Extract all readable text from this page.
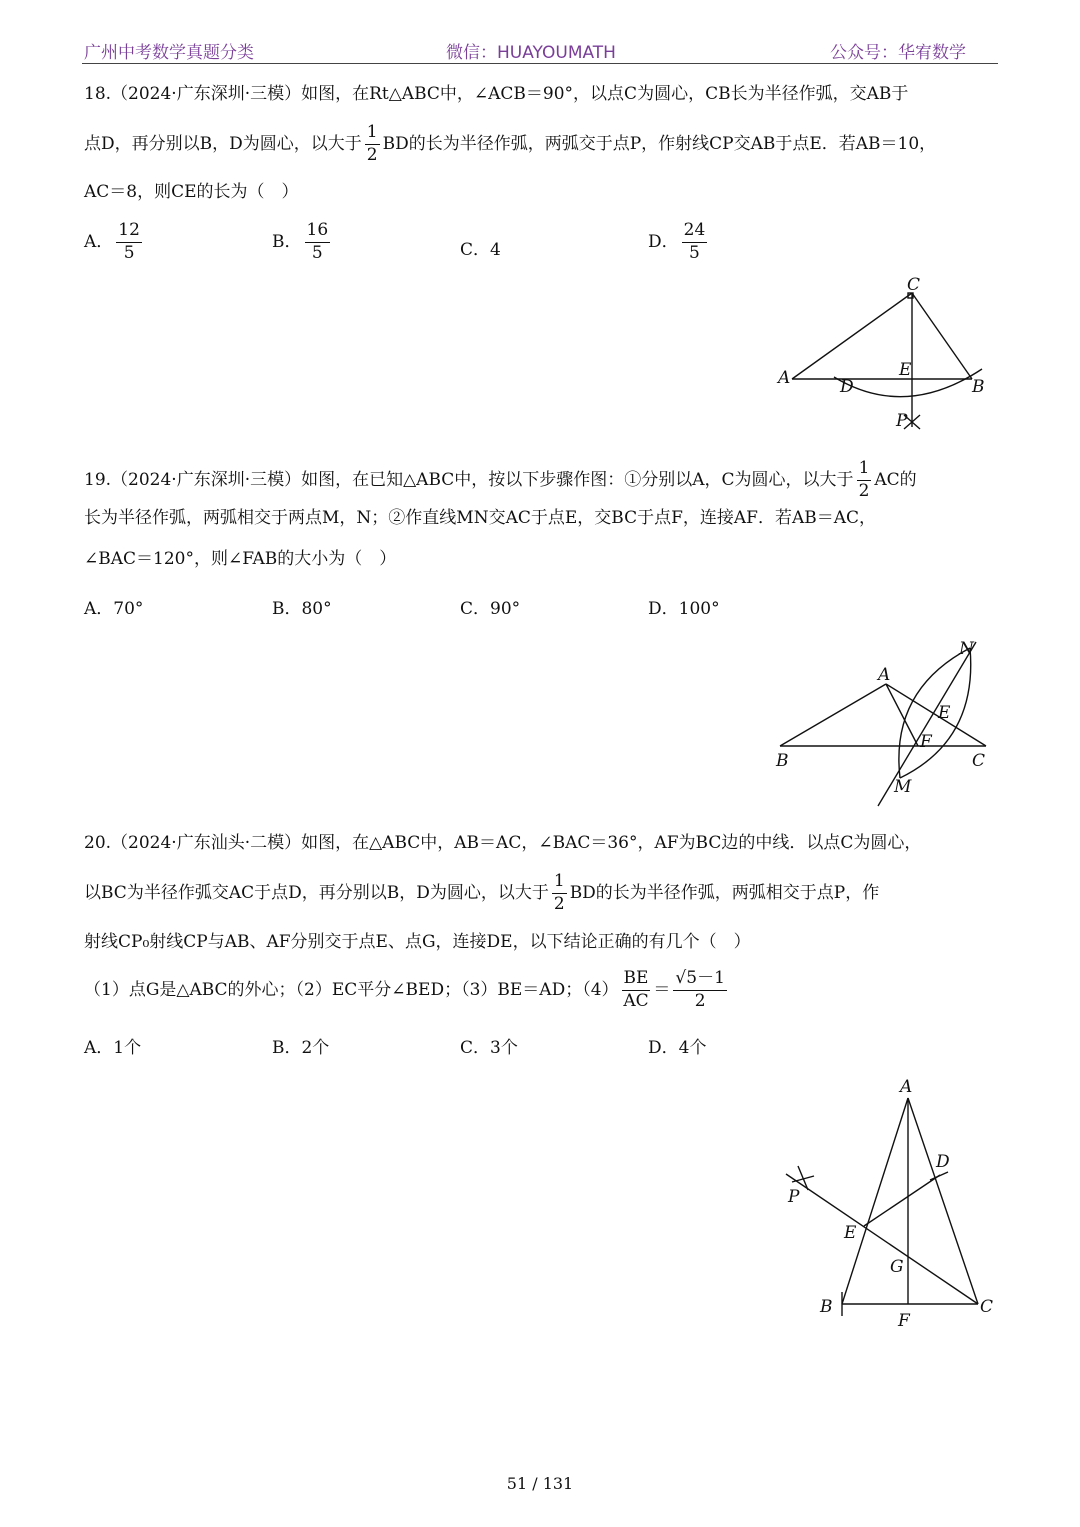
广州中考数学真题分类	微信：HUAYOUMATH	公众号：华宥数学
18.（2024·广东深圳·三模）如图，在Rt△ABC中，∠ACB＝90°，以点C为圆心，CB长为半径作弧，交AB于
点D，再分别以B，D为圆心，以大于 $\frac{1}{2}$ BD的长为半径作弧，两弧交于点P，作射线CP交AB于点E．若AB＝10，
AC＝8，则CE的长为（　）
A． $\frac{12}{5}$	B． $\frac{16}{5}$	C．4	D． $\frac{24}{5}$
C
A	E
D	B
P
19.（2024·广东深圳·三模）如图，在已知△ABC中，按以下步骤作图：①分别以A，C为圆心，以大于 $\frac{1}{2}$ AC的
长为半径作弧，两弧相交于两点M，N；②作直线MN交AC于点E，交BC于点F，连接AF．若AB＝AC，
∠BAC＝120°，则∠FAB的大小为（　）
A．70°	B．80°	C．90°	D．100°
N
A
E
F
B	C
M
20.（2024·广东汕头·二模）如图，在△ABC中，AB＝AC，∠BAC＝36°，AF为BC边的中线．以点C为圆心，
以BC为半径作弧交AC于点D，再分别以B，D为圆心，以大于 $\frac{1}{2}$ BD的长为半径作弧，两弧相交于点P，作
射线CP₀射线CP与AB、AF分别交于点E、点G，连接DE，以下结论正确的有几个（　）
（1）点G是△ABC的外心；（2）EC平分∠BED；（3）BE＝AD；$(4) \frac{BE}{AC} = \frac{√5-1}{2}$
A．1个	B．2个	C．3个	D．4个
A
D
P
E
G
B
F
C
51 / 131
